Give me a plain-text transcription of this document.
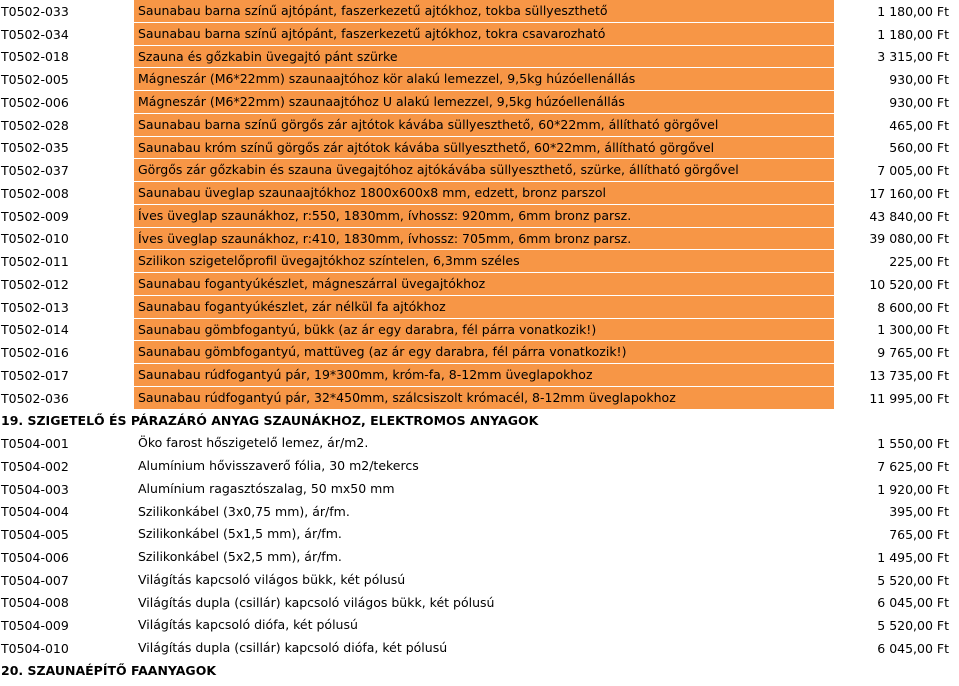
T0502-033	Saunabau barna színű ajtópánt, faszerkezetű ajtókhoz, tokba süllyeszthető	1 180,00 Ft
T0502-034	Saunabau barna színű ajtópánt, faszerkezetű ajtókhoz, tokra csavarozható	1 180,00 Ft
T0502-018	Szauna és gőzkabin üvegajtó pánt szürke	3 315,00 Ft
T0502-005	Mágneszár (M6*22mm) szaunaajtóhoz kör alakú lemezzel, 9,5kg húzóellenállás	930,00 Ft
T0502-006	Mágneszár (M6*22mm) szaunaajtóhoz U alakú lemezzel, 9,5kg húzóellenállás	930,00 Ft
T0502-028	Saunabau barna színű görgős zár ajtótok kávába süllyeszthető, 60*22mm, állítható görgővel	465,00 Ft
T0502-035	Saunabau króm színű görgős zár ajtótok kávába süllyeszthető, 60*22mm, állítható görgővel	560,00 Ft
T0502-037	Görgős zár gőzkabin és szauna üvegajtóhoz ajtókávába süllyeszthető, szürke, állítható görgővel	7 005,00 Ft
T0502-008	Saunabau üveglap szaunaajtókhoz 1800x600x8 mm, edzett, bronz parszol	17 160,00 Ft
T0502-009	Íves üveglap szaunákhoz, r:550, 1830mm, ívhossz: 920mm, 6mm bronz parsz.	43 840,00 Ft
T0502-010	Íves üveglap szaunákhoz, r:410, 1830mm, ívhossz: 705mm, 6mm bronz parsz.	39 080,00 Ft
T0502-011	Szilikon szigetelőprofil üvegajtókhoz színtelen, 6,3mm széles	225,00 Ft
T0502-012	Saunabau fogantyúkészlet, mágneszárral üvegajtókhoz	10 520,00 Ft
T0502-013	Saunabau fogantyúkészlet, zár nélkül fa ajtókhoz	8 600,00 Ft
T0502-014	Saunabau gömbfogantyú, bükk (az ár egy darabra, fél párra vonatkozik!)	1 300,00 Ft
T0502-016	Saunabau gömbfogantyú, mattüveg (az ár egy darabra, fél párra vonatkozik!)	9 765,00 Ft
T0502-017	Saunabau rúdfogantyú pár, 19*300mm, króm-fa, 8-12mm üveglapokhoz	13 735,00 Ft
T0502-036	Saunabau rúdfogantyú pár, 32*450mm, szálcsiszolt krómacél, 8-12mm üveglapokhoz	11 995,00 Ft
19. SZIGETELŐ ÉS PÁRAZÁRÓ ANYAG SZAUNÁKHOZ, ELEKTROMOS ANYAGOK
T0504-001	Öko farost hőszigetelő lemez, ár/m2.	1 550,00 Ft
T0504-002	Alumínium hővisszaverő fólia, 30 m2/tekercs	7 625,00 Ft
T0504-003	Alumínium ragasztószalag, 50 mx50 mm	1 920,00 Ft
T0504-004	Szilikonkábel (3x0,75 mm), ár/fm.	395,00 Ft
T0504-005	Szilikonkábel (5x1,5 mm), ár/fm.	765,00 Ft
T0504-006	Szilikonkábel (5x2,5 mm), ár/fm.	1 495,00 Ft
T0504-007	Világítás kapcsoló világos bükk, két pólusú	5 520,00 Ft
T0504-008	Világítás dupla (csillár) kapcsoló világos bükk, két pólusú	6 045,00 Ft
T0504-009	Világítás kapcsoló diófa, két pólusú	5 520,00 Ft
T0504-010	Világítás dupla (csillár) kapcsoló diófa, két pólusú	6 045,00 Ft
20. SZAUNAÉPÍTŐ FAANYAGOK
